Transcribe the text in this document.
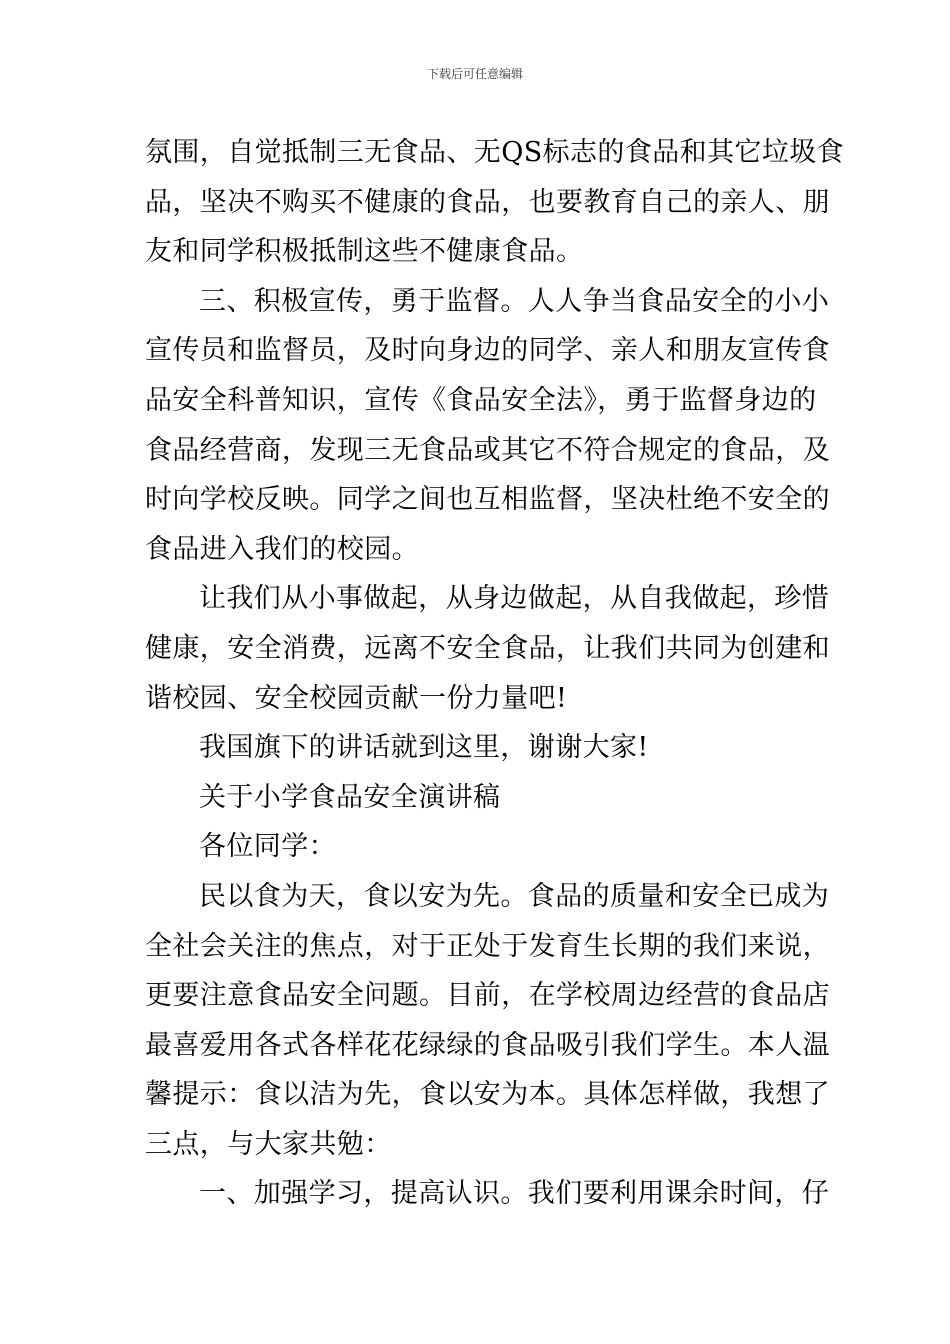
下载后可任意编辑
氛围，自觉抵制三无食品、无QS标志的食品和其它垃圾食
品，坚决不购买不健康的食品，也要教育自己的亲人、朋
友和同学积极抵制这些不健康食品。
三、积极宣传，勇于监督。人人争当食品安全的小小
宣传员和监督员，及时向身边的同学、亲人和朋友宣传食
品安全科普知识，宣传《食品安全法》，勇于监督身边的
食品经营商，发现三无食品或其它不符合规定的食品，及
时向学校反映。同学之间也互相监督，坚决杜绝不安全的
食品进入我们的校园。
让我们从小事做起，从身边做起，从自我做起，珍惜
健康，安全消费，远离不安全食品，让我们共同为创建和
谐校园、安全校园贡献一份力量吧!
我国旗下的讲话就到这里，谢谢大家!
关于小学食品安全演讲稿
各位同学：
民以食为天，食以安为先。食品的质量和安全已成为
全社会关注的焦点，对于正处于发育生长期的我们来说，
更要注意食品安全问题。目前，在学校周边经营的食品店
最喜爱用各式各样花花绿绿的食品吸引我们学生。本人温
馨提示：食以洁为先，食以安为本。具体怎样做，我想了
三点，与大家共勉：
一、加强学习，提高认识。我们要利用课余时间，仔
